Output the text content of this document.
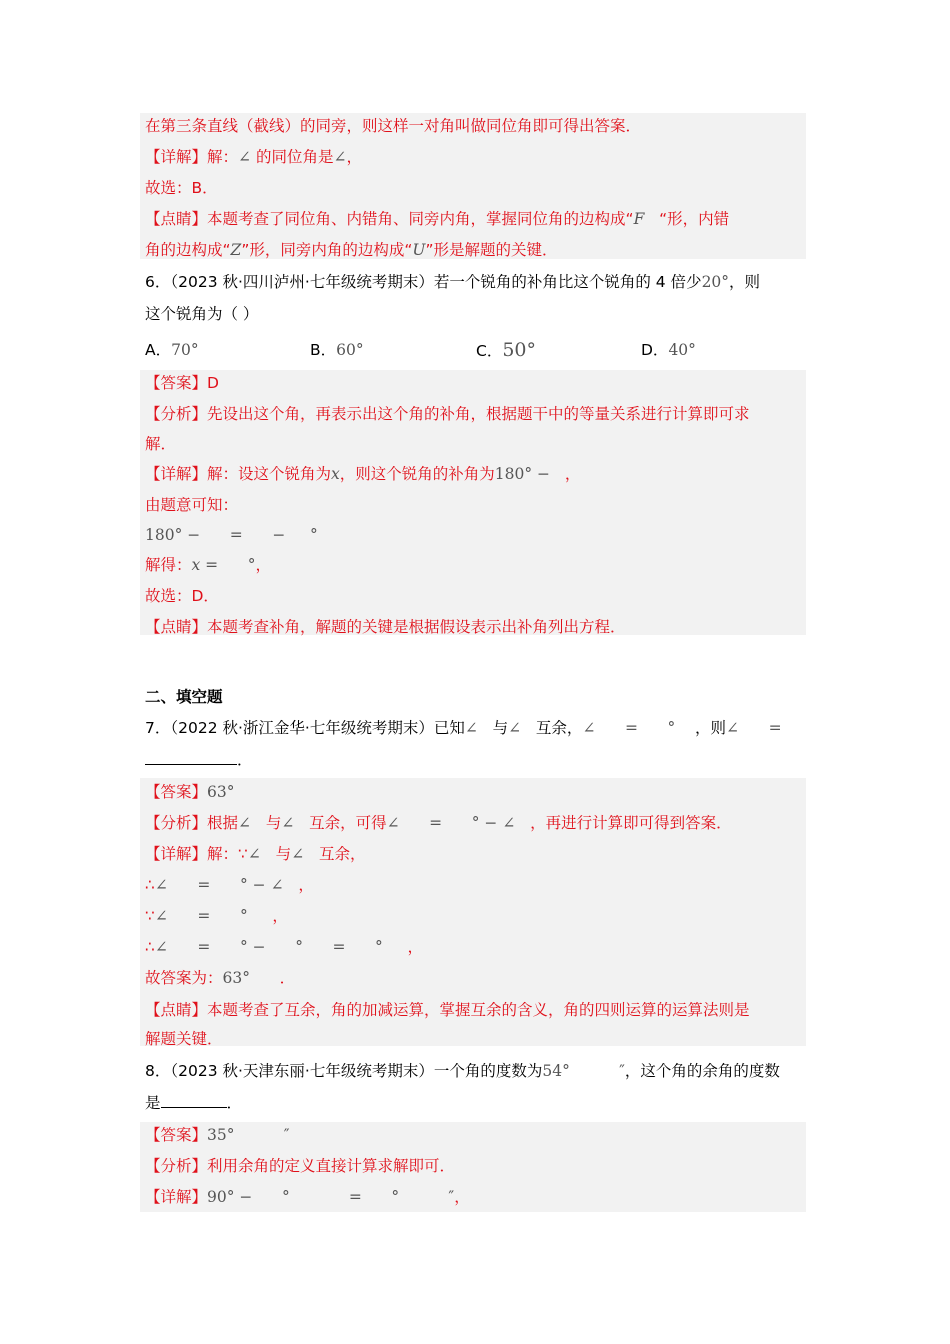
在第三条直线（截线）的同旁，则这样一对角叫做同位角即可得出答案．
【详解】解：∠ 的同位角是∠，
故选：B．
【点睛】本题考查了同位角、内错角、同旁内角，掌握同位角的边构成“F “形，内错
角的边构成“Z”形，同旁内角的边构成“U”形是解题的关键．
6．（2023 秋·四川泸州·七年级统考期末）若一个锐角的补角比这个锐角的 4 倍少20°，则
这个锐角为（ ）
A．70°	B．60°	C．50°	D．40°
【答案】D
【分析】先设出这个角，再表示出这个角的补角，根据题干中的等量关系进行计算即可求
解．
【详解】解：设这个锐角为x，则这个锐角的补角为180° − ，
由题意可知：
180° −      =      −     °
解得：x =      °，
故选：D．
【点睛】本题考查补角，解题的关键是根据假设表示出补角列出方程．
二、填空题
7．（2022 秋·浙江金华·七年级统考期末）已知∠ 与∠ 互余，∠      =      ° ，则∠      =
．
【答案】63°
【分析】根据∠ 与∠ 互余，可得∠      =      ° − ∠ ，再进行计算即可得到答案．
【详解】解：∵∠ 与∠ 互余，
∴∠      =      ° − ∠ ，
∵∠      =      ° ，
∴∠      =      ° −      °      =      ° ，
故答案为：63° ．
【点睛】本题考查了互余，角的加减运算，掌握互余的含义，角的四则运算的运算法则是
解题关键．
8．（2023 秋·天津东丽·七年级统考期末）一个角的度数为54°          ″，这个角的余角的度数
是	．
【答案】35°          ″
【分析】利用余角的定义直接计算求解即可．
【详解】90° −      °            =      °          ″，
